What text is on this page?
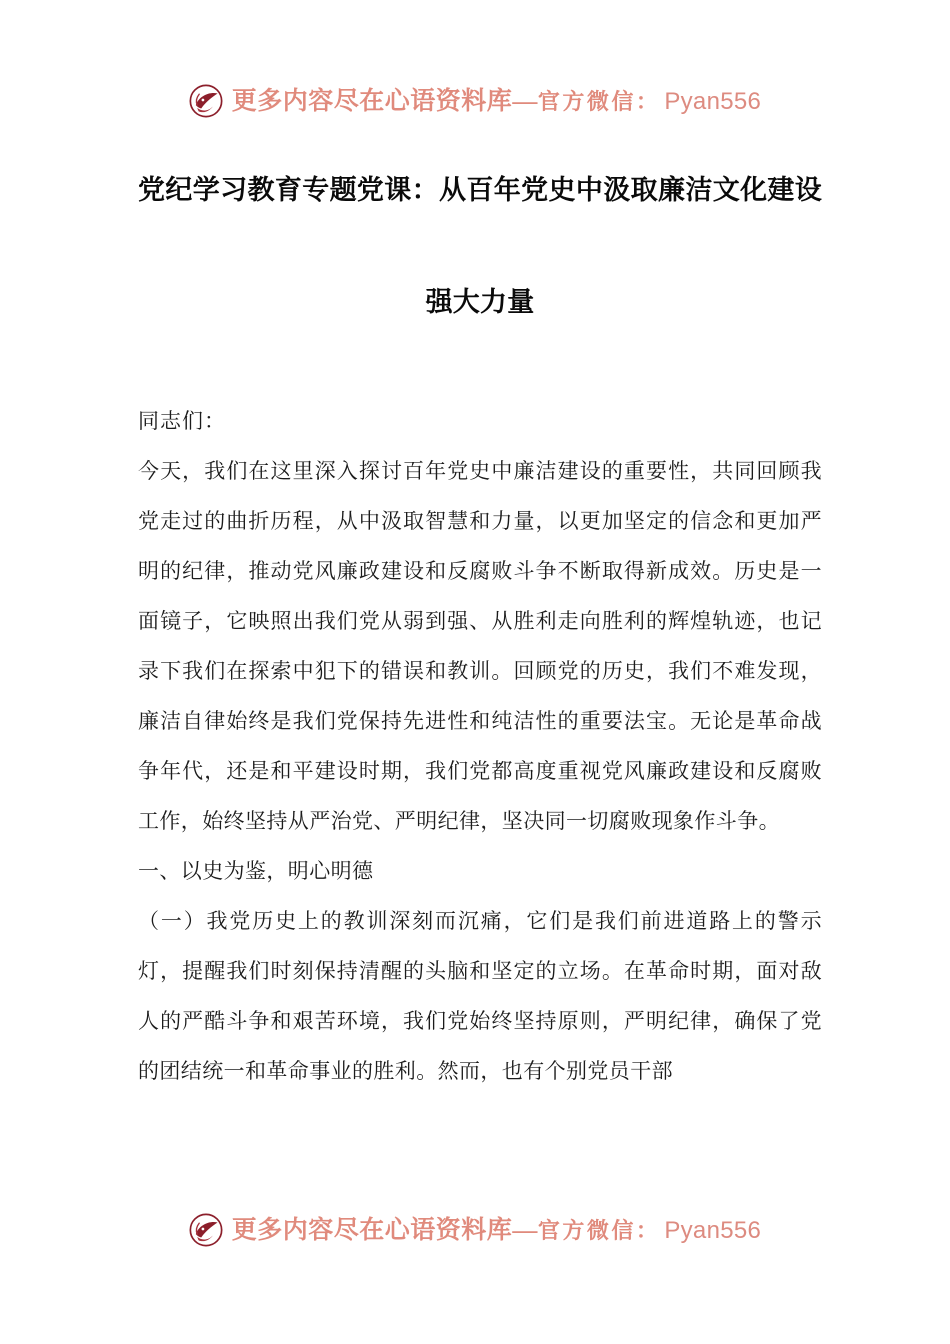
更多内容尽在心语资料库 — 官方微信： Pyan556
党纪学习教育专题党课：从百年党史中汲取廉洁文化建设
强大力量

同志们：

今天，我们在这里深入探讨百年党史中廉洁建设的重要性，共同回顾我党走过的曲折历程，从中汲取智慧和力量，以更加坚定的信念和更加严明的纪律，推动党风廉政建设和反腐败斗争不断取得新成效。历史是一面镜子，它映照出我们党从弱到强、从胜利走向胜利的辉煌轨迹，也记录下我们在探索中犯下的错误和教训。回顾党的历史，我们不难发现，廉洁自律始终是我们党保持先进性和纯洁性的重要法宝。无论是革命战争年代，还是和平建设时期，我们党都高度重视党风廉政建设和反腐败工作，始终坚持从严治党、严明纪律，坚决同一切腐败现象作斗争。

一、以史为鉴，明心明德

（一）我党历史上的教训深刻而沉痛，它们是我们前进道路上的警示灯，提醒我们时刻保持清醒的头脑和坚定的立场。在革命时期，面对敌人的严酷斗争和艰苦环境，我们党始终坚持原则，严明纪律，确保了党的团结统一和革命事业的胜利。然而，也有个别党员干部

更多内容尽在心语资料库 — 官方微信： Pyan556
